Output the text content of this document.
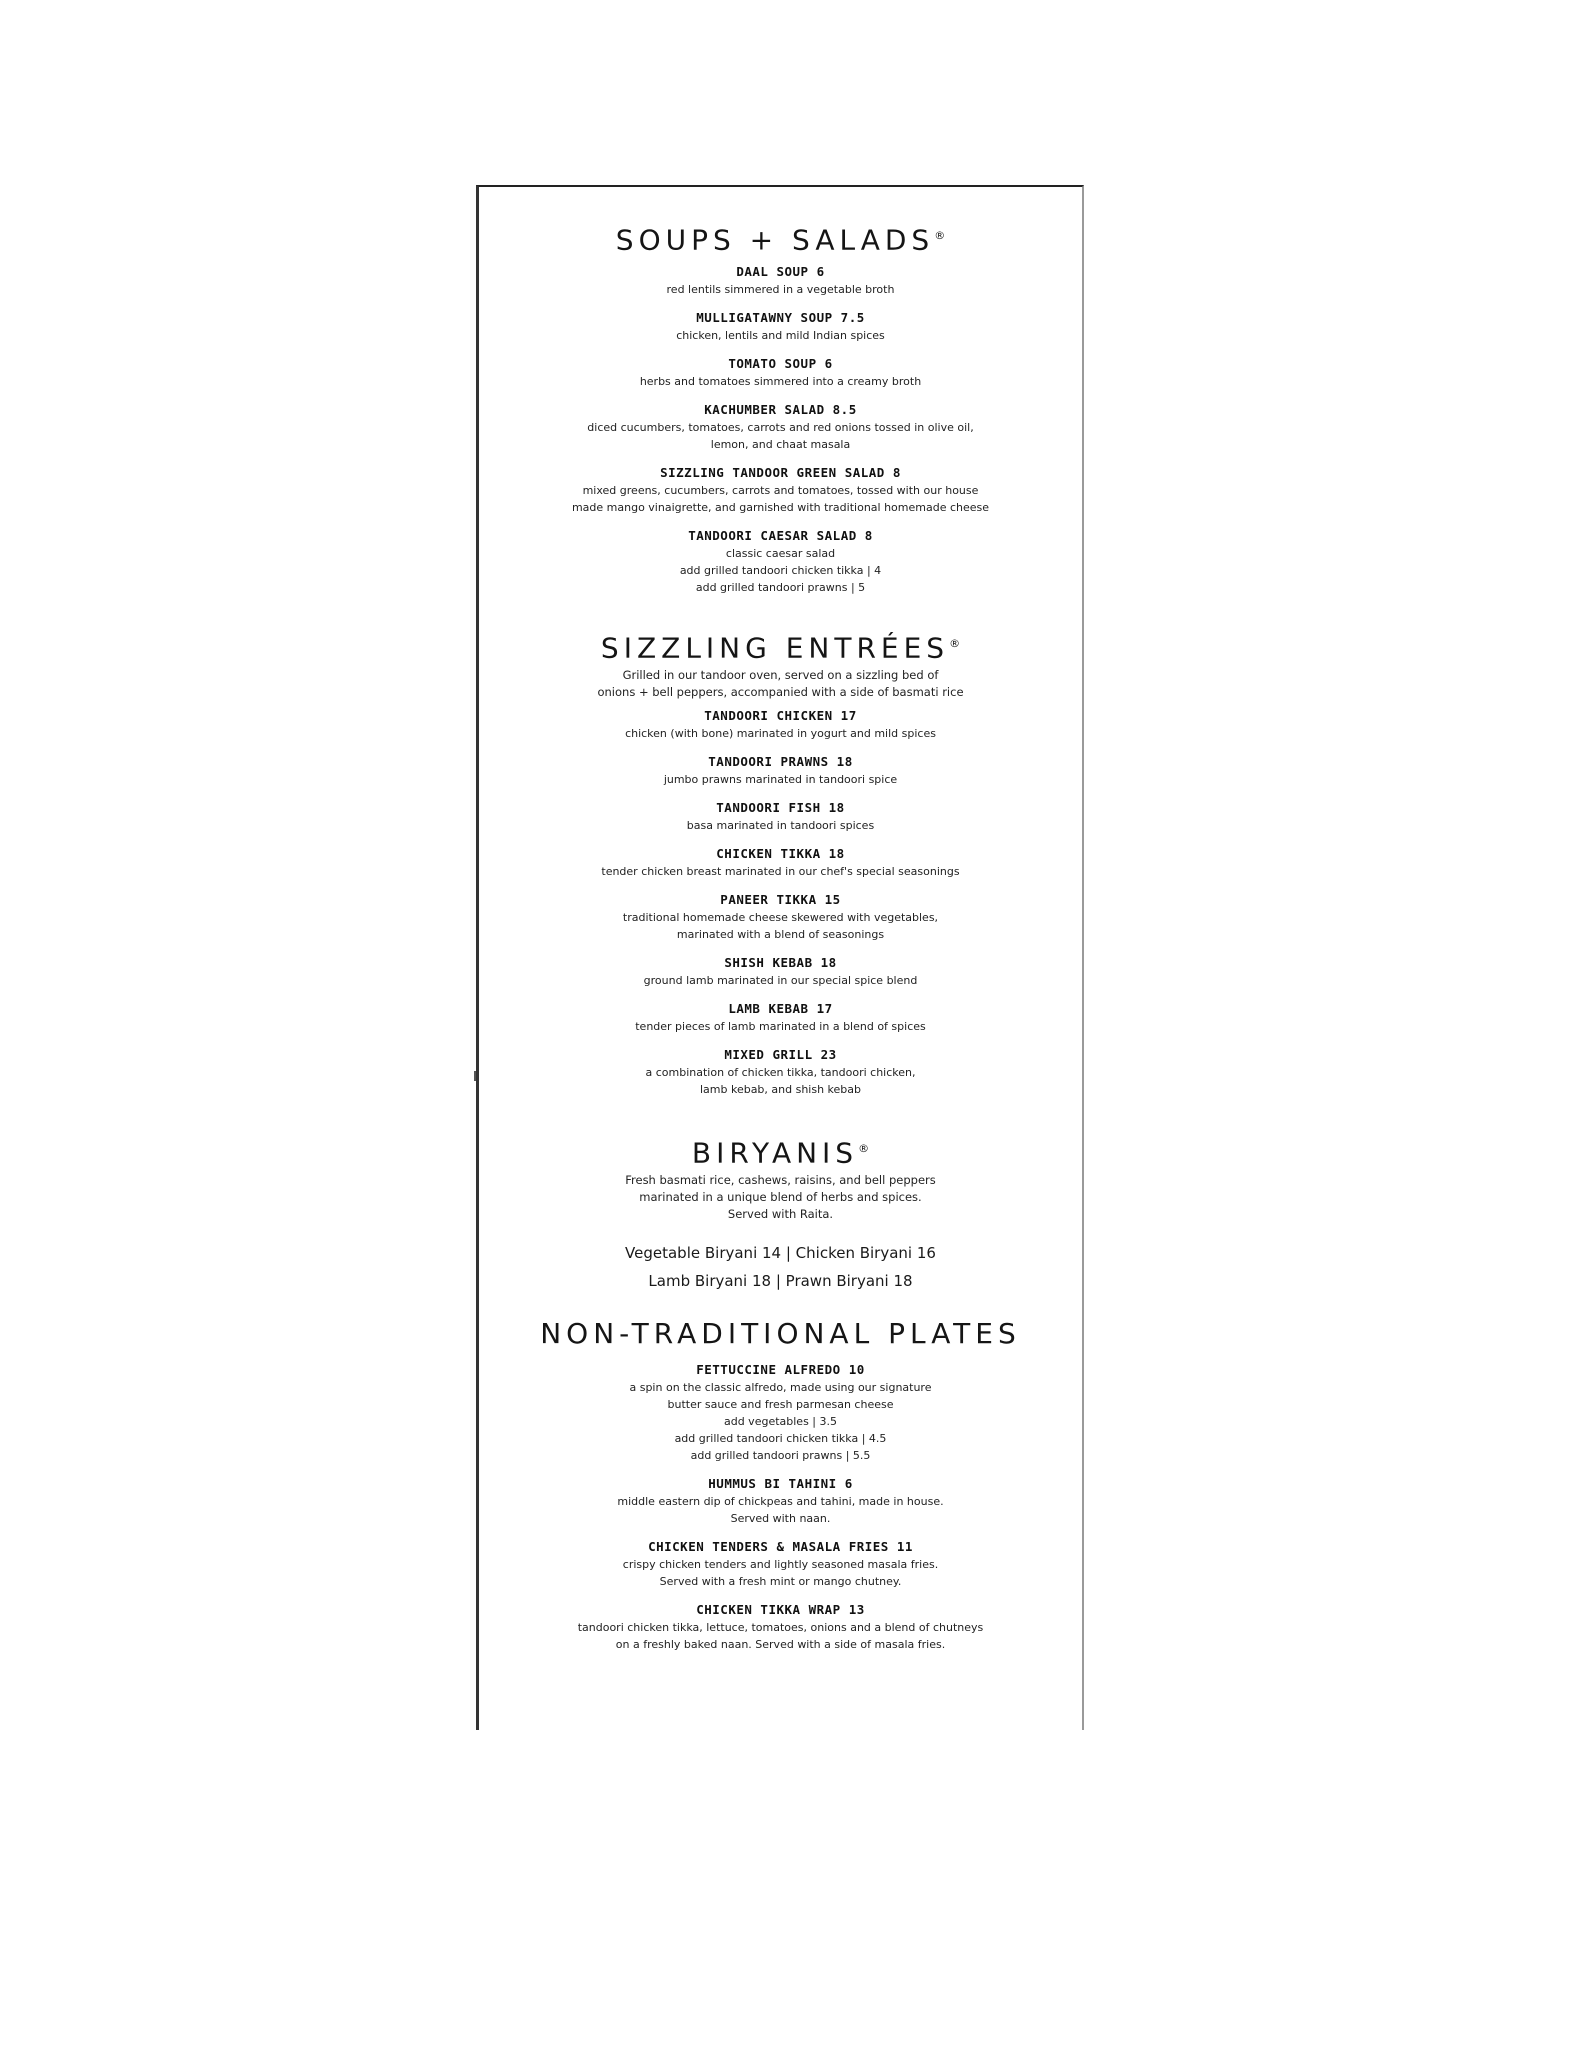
SOUPS + SALADS®
DAAL SOUP 6
red lentils simmered in a vegetable broth
MULLIGATAWNY SOUP 7.5
chicken, lentils and mild Indian spices
TOMATO SOUP 6
herbs and tomatoes simmered into a creamy broth
KACHUMBER SALAD 8.5
diced cucumbers, tomatoes, carrots and red onions tossed in olive oil,
lemon, and chaat masala
SIZZLING TANDOOR GREEN SALAD 8
mixed greens, cucumbers, carrots and tomatoes, tossed with our house
made mango vinaigrette, and garnished with traditional homemade cheese
TANDOORI CAESAR SALAD 8
classic caesar salad
add grilled tandoori chicken tikka | 4
add grilled tandoori prawns | 5
SIZZLING ENTRÉES®
Grilled in our tandoor oven, served on a sizzling bed of
onions + bell peppers, accompanied with a side of basmati rice
TANDOORI CHICKEN 17
chicken (with bone) marinated in yogurt and mild spices
TANDOORI PRAWNS 18
jumbo prawns marinated in tandoori spice
TANDOORI FISH 18
basa marinated in tandoori spices
CHICKEN TIKKA 18
tender chicken breast marinated in our chef's special seasonings
PANEER TIKKA 15
traditional homemade cheese skewered with vegetables,
marinated with a blend of seasonings
SHISH KEBAB 18
ground lamb marinated in our special spice blend
LAMB KEBAB 17
tender pieces of lamb marinated in a blend of spices
MIXED GRILL 23
a combination of chicken tikka, tandoori chicken,
lamb kebab, and shish kebab
BIRYANIS®
Fresh basmati rice, cashews, raisins, and bell peppers
marinated in a unique blend of herbs and spices.
Served with Raita.
Vegetable Biryani 14 | Chicken Biryani 16
Lamb Biryani 18 | Prawn Biryani 18
NON-TRADITIONAL PLATES
FETTUCCINE ALFREDO 10
a spin on the classic alfredo, made using our signature
butter sauce and fresh parmesan cheese
add vegetables | 3.5
add grilled tandoori chicken tikka | 4.5
add grilled tandoori prawns | 5.5
HUMMUS BI TAHINI 6
middle eastern dip of chickpeas and tahini, made in house.
Served with naan.
CHICKEN TENDERS & MASALA FRIES 11
crispy chicken tenders and lightly seasoned masala fries.
Served with a fresh mint or mango chutney.
CHICKEN TIKKA WRAP 13
tandoori chicken tikka, lettuce, tomatoes, onions and a blend of chutneys
on a freshly baked naan. Served with a side of masala fries.
